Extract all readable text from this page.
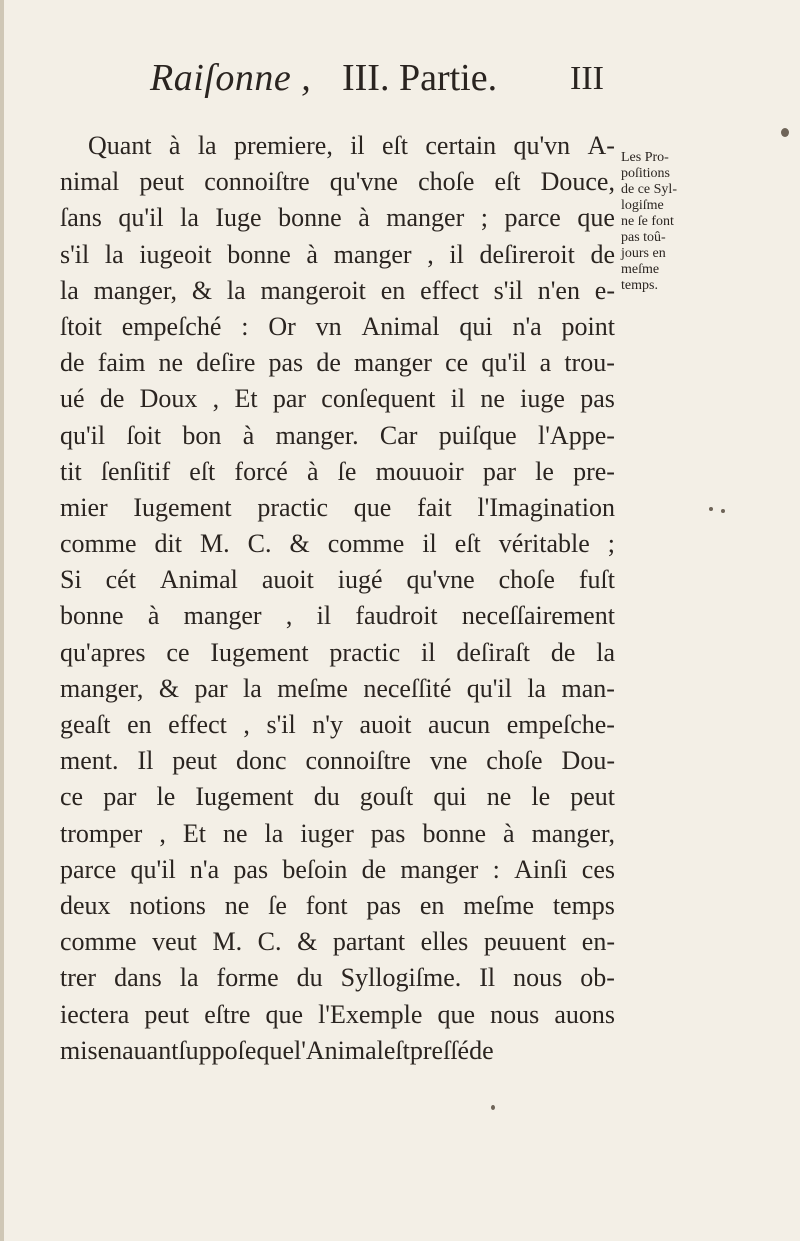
Raiſonne , III. Partie. III
Quant à la premiere, il eſt certain qu'vn A-
nimal peut connoiſtre qu'vne choſe eſt Douce,
ſans qu'il la Iuge bonne à manger ; parce que
s'il la iugeoit bonne à manger , il deſireroit de
la manger, & la mangeroit en effect s'il n'en e-
ſtoit empeſché : Or vn Animal qui n'a point
de faim ne deſire pas de manger ce qu'il a trou-
ué de Doux , Et par conſequent il ne iuge pas
qu'il ſoit bon à manger. Car puiſque l'Appe-
tit ſenſitif eſt forcé à ſe mouuoir par le pre-
mier Iugement practic que fait l'Imagination
comme dit M. C. & comme il eſt véritable ;
Si cét Animal auoit iugé qu'vne choſe fuſt
bonne à manger , il faudroit neceſſairement
qu'apres ce Iugement practic il deſiraſt de la
manger, & par la meſme neceſſité qu'il la man-
geaſt en effect , s'il n'y auoit aucun empeſche-
ment. Il peut donc connoiſtre vne choſe Dou-
ce par le Iugement du gouſt qui ne le peut
tromper , Et ne la iuger pas bonne à manger,
parce qu'il n'a pas beſoin de manger : Ainſi ces
deux notions ne ſe font pas en meſme temps
comme veut M. C. & partant elles peuuent en-
trer dans la forme du Syllogiſme. Il nous ob-
iectera peut eſtre que l'Exemple que nous auons
mis en auant ſuppoſe que l'Animal eſt preſſé de
Les Pro-
poſitions
de ce Syl-
logiſme
ne ſe font
pas toû-
jours en
meſme
temps.
